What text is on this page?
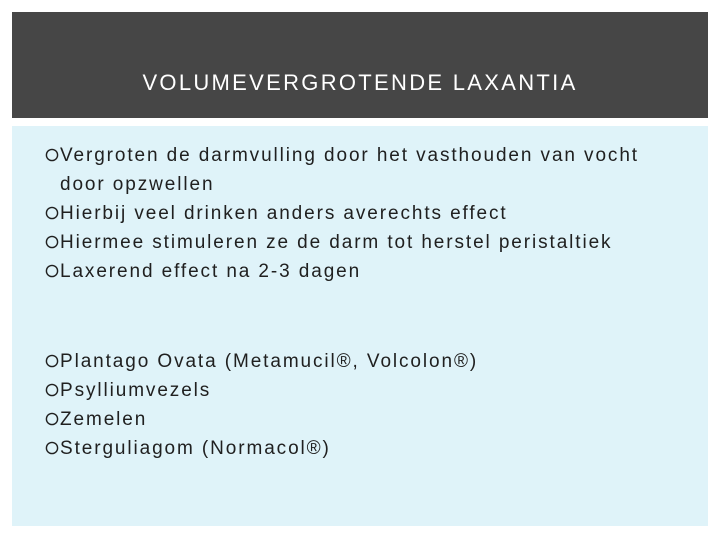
VOLUMEVERGROTENDE LAXANTIA
Vergroten de darmvulling door het vasthouden van vocht door opzwellen
Hierbij veel drinken anders averechts effect
Hiermee stimuleren ze de darm tot herstel peristaltiek
Laxerend effect na 2-3 dagen
Plantago Ovata (Metamucil®, Volcolon®)
Psylliumvezels
Zemelen
Sterguliagom (Normacol®)
